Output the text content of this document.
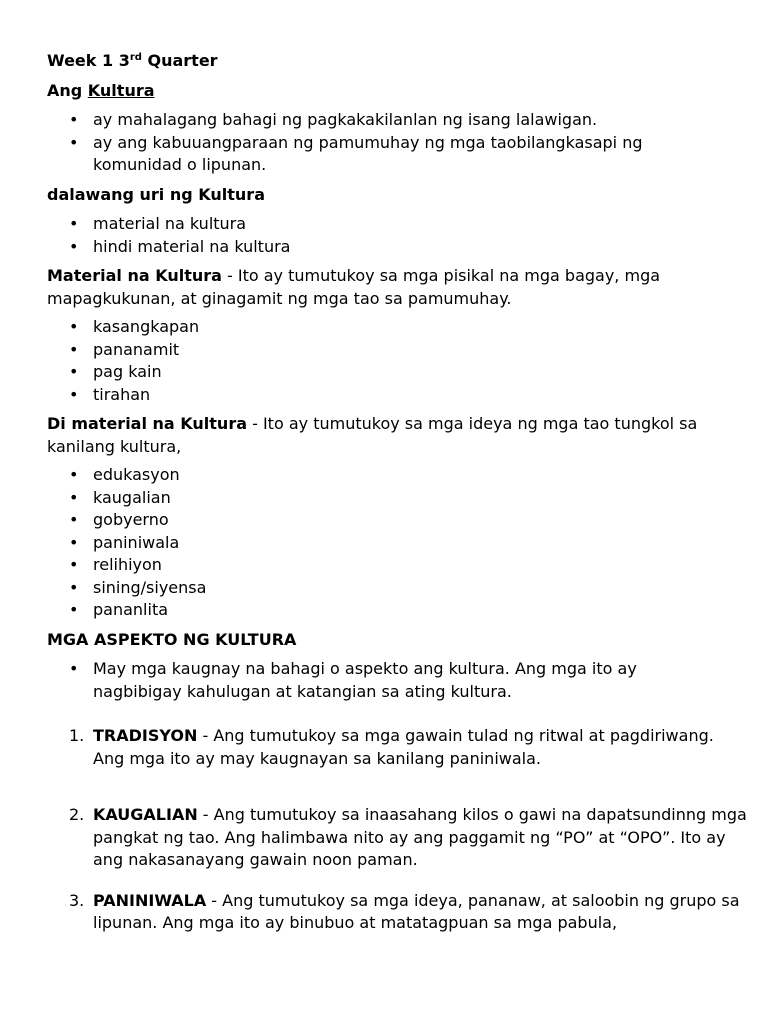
Week 1 3rd Quarter

Ang Kultura

• ay mahalagang bahagi ng pagkakakilanlan ng isang lalawigan.
• ay ang kabuuangparaan ng pamumuhay ng mga taobilangkasapi ng komunidad o lipunan.

dalawang uri ng Kultura

• material na kultura
• hindi material na kultura

Material na Kultura - Ito ay tumutukoy sa mga pisikal na mga bagay, mga mapagkukunan, at ginagamit ng mga tao sa pamumuhay.

• kasangkapan
• pananamit
• pag kain
• tirahan

Di material na Kultura - Ito ay tumutukoy sa mga ideya ng mga tao tungkol sa kanilang kultura,

• edukasyon
• kaugalian
• gobyerno
• paniniwala
• relihiyon
• sining/siyensa
• pananlita

MGA ASPEKTO NG KULTURA

• May mga kaugnay na bahagi o aspekto ang kultura. Ang mga ito ay nagbibigay kahulugan at katangian sa ating kultura.
1. TRADISYON - Ang tumutukoy sa mga gawain tulad ng ritwal at pagdiriwang. Ang mga ito ay may kaugnayan sa kanilang paniniwala.
2. KAUGALIAN - Ang tumutukoy sa inaasahang kilos o gawi na dapatsundinng mga pangkat ng tao. Ang halimbawa nito ay ang paggamit ng “PO” at “OPO”. Ito ay ang nakasanayang gawain noon paman.
3. PANINIWALA - Ang tumutukoy sa mga ideya, pananaw, at saloobin ng grupo sa lipunan. Ang mga ito ay binubuo at matatagpuan sa mga pabula,
